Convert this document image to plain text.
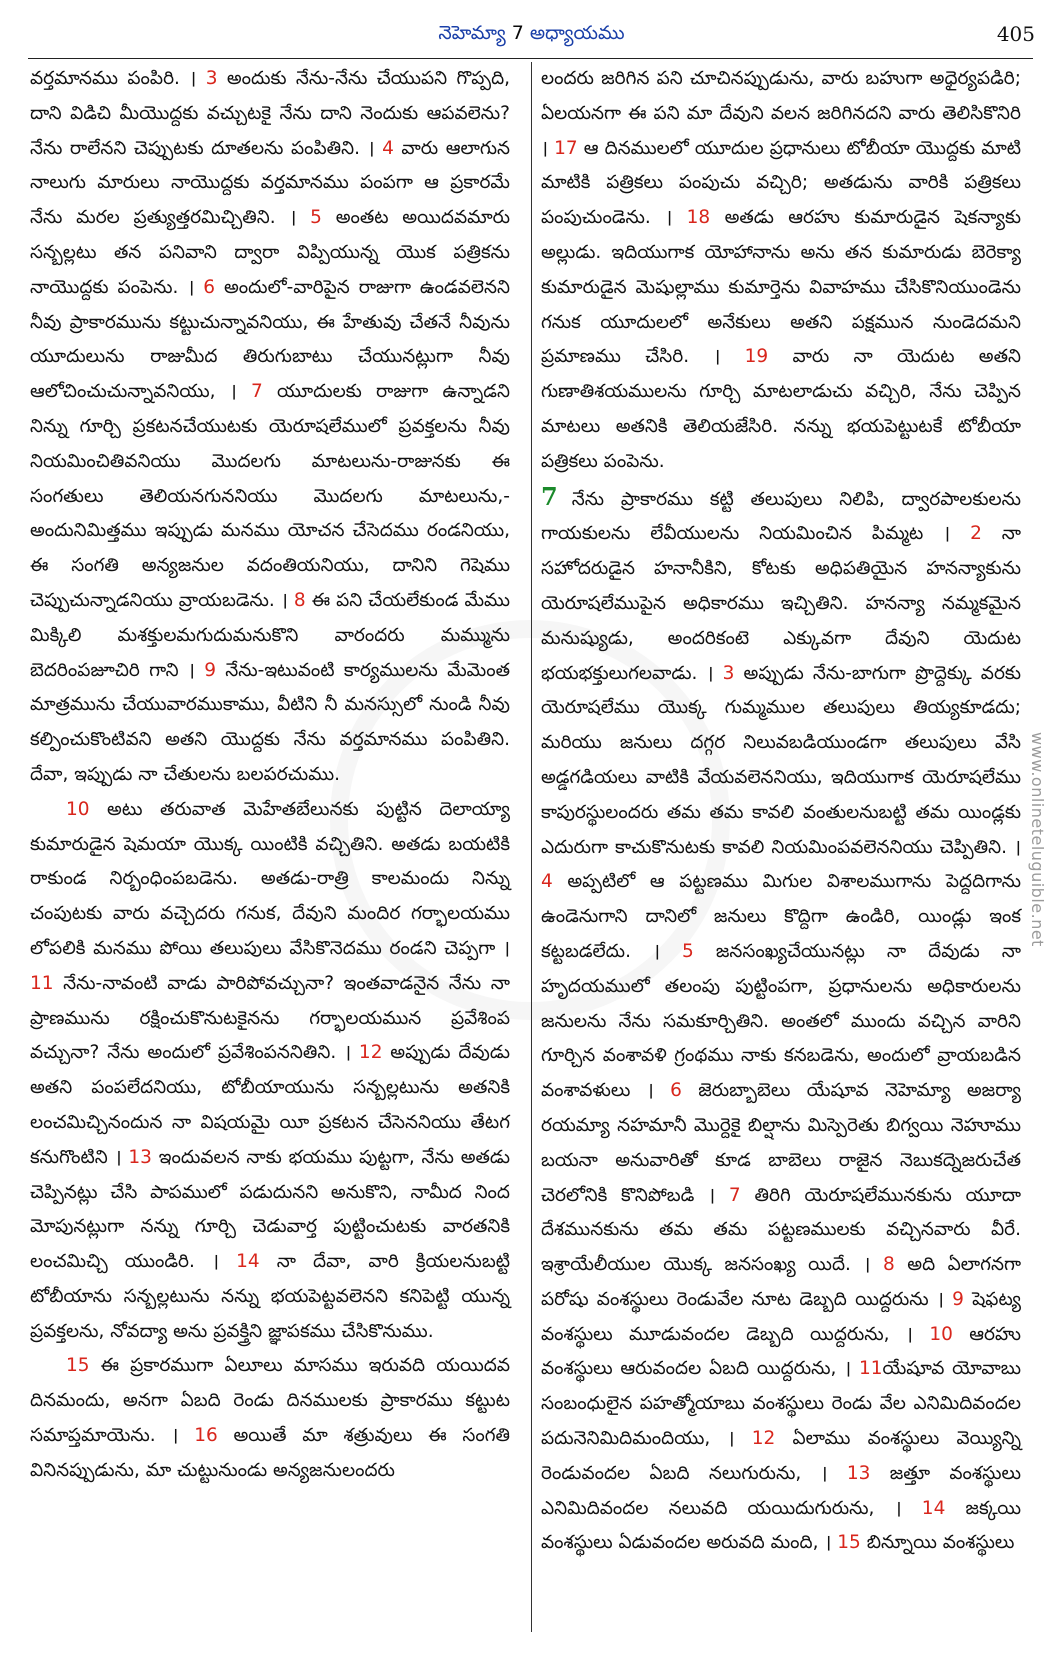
నెహెమ్యా 7 అధ్యాయము	405
www.onlineteluguible.net

వర్తమానము పంపిరి. । 3 అందుకు నేను-నేను చేయుపని గొప్పది, దాని విడిచి మీయొద్దకు వచ్చుటకై నేను దాని నెందుకు ఆపవలెను? నేను రాలేనని చెప్పుటకు దూతలను పంపితిని. । 4 వారు ఆలాగున నాలుగు మారులు నాయొద్దకు వర్తమానము పంపగా ఆ ప్రకారమే నేను మరల ప్రత్యుత్తరమిచ్చితిని. । 5 అంతట అయిదవమారు సన్బల్లటు తన పనివాని ద్వారా విప్పియున్న యొక పత్రికను నాయొద్దకు పంపెను. । 6 అందులో-వారిపైన రాజుగా ఉండవలెనని నీవు ప్రాకారమును కట్టుచున్నావనియు, ఈ హేతువు చేతనే నీవును యూదులును రాజుమీద తిరుగుబాటు చేయునట్లుగా నీవు ఆలోచించుచున్నావనియు, । 7 యూదులకు రాజుగా ఉన్నాడని నిన్ను గూర్చి ప్రకటనచేయుటకు యెరూషలేములో ప్రవక్తలను నీవు నియమించితివనియు మొదలగు మాటలును-రాజునకు ఈ సంగతులు తెలియనగుననియు మొదలగు మాటలును,-అందునిమిత్తము ఇప్పుడు మనము యోచన చేసెదము రండనియు, ఈ సంగతి అన్యజనుల వదంతియనియు, దానిని గెషెము చెప్పుచున్నాడనియు వ్రాయబడెను. । 8 ఈ పని చేయలేకుండ మేము మిక్కిలి మశక్తులమగుదుమనుకొని వారందరు మమ్మును బెదరింపజూచిరి గాని । 9 నేను-ఇటువంటి కార్యములను మేమెంత మాత్రమును చేయువారముకాము, వీటిని నీ మనస్సులో నుండి నీవు కల్పించుకొంటివని అతని యొద్దకు నేను వర్తమానము పంపితిని. దేవా, ఇప్పుడు నా చేతులను బలపరచుము.

10 అటు తరువాత మెహేతబేలునకు పుట్టిన దెలాయ్యా కుమారుడైన షెమయా యొక్క యింటికి వచ్చితిని. అతడు బయటికి రాకుండ నిర్బంధింపబడెను. అతడు-రాత్రి కాలమందు నిన్ను చంపుటకు వారు వచ్చెదరు గనుక, దేవుని మందిర గర్భాలయము లోపలికి మనము పోయి తలుపులు వేసికొనెదము రండని చెప్పగా । 11 నేను-నావంటి వాడు పారిపోవచ్చునా? ఇంతవాడనైన నేను నా ప్రాణమును రక్షించుకొనుటకైనను గర్భాలయమున ప్రవేశింప వచ్చునా? నేను అందులో ప్రవేశింపననితిని. । 12 అప్పుడు దేవుడు అతని పంపలేదనియు, టోబీయాయును సన్బల్లటును అతనికి లంచమిచ్చినందున నా విషయమై యీ ప్రకటన చేసెననియు తేటగ కనుగొంటిని । 13 ఇందువలన నాకు భయము పుట్టగా, నేను అతడు చెప్పినట్లు చేసి పాపములో పడుదునని అనుకొని, నామీద నింద మోపునట్లుగా నన్ను గూర్చి చెడువార్త పుట్టించుటకు వారతనికి లంచమిచ్చి యుండిరి. । 14 నా దేవా, వారి క్రియలనుబట్టి టోబీయాను సన్బల్లటును నన్ను భయపెట్టవలెనని కనిపెట్టి యున్న ప్రవక్తలను, నోవద్యా అను ప్రవక్త్రిని జ్ఞాపకము చేసికొనుము.

15 ఈ ప్రకారముగా ఏలూలు మాసము ఇరువది యయిదవ దినమందు, అనగా ఏబది రెండు దినములకు ప్రాకారము కట్టుట సమాప్తమాయెను. । 16 అయితే మా శత్రువులు ఈ సంగతి వినినప్పుడును, మా చుట్టునుండు అన్యజనులందరు

లందరు జరిగిన పని చూచినప్పుడును, వారు బహుగా అధైర్యపడిరి; ఏలయనగా ఈ పని మా దేవుని వలన జరిగినదని వారు తెలిసికొనిరి । 17 ఆ దినములలో యూదుల ప్రధానులు టోబీయా యొద్దకు మాటి మాటికి పత్రికలు పంపుచు వచ్చిరి; అతడును వారికి పత్రికలు పంపుచుండెను. । 18 అతడు ఆరహు కుమారుడైన షెకన్యాకు అల్లుడు. ఇదియుగాక యోహానాను అను తన కుమారుడు బెరెక్యా కుమారుడైన మెషుల్లాము కుమార్తెను వివాహము చేసికొనియుండెను గనుక యూదులలో అనేకులు అతని పక్షమున నుండెదమని ప్రమాణము చేసిరి. । 19 వారు నా యెదుట అతని గుణాతిశయములను గూర్చి మాటలాడుచు వచ్చిరి, నేను చెప్పిన మాటలు అతనికి తెలియజేసిరి. నన్ను భయపెట్టుటకే టోబీయా పత్రికలు పంపెను.

7 నేను ప్రాకారము కట్టి తలుపులు నిలిపి, ద్వారపాలకులను గాయకులను లేవీయులను నియమించిన పిమ్మట । 2 నా సహోదరుడైన హనానీకిని, కోటకు అధిపతియైన హనన్యాకును యెరూషలేముపైన అధికారము ఇచ్చితిని. హనన్యా నమ్మకమైన మనుష్యుడు, అందరికంటె ఎక్కువగా దేవుని యెదుట భయభక్తులుగలవాడు. । 3 అప్పుడు నేను-బాగుగా ప్రొద్దెక్కు వరకు యెరూషలేము యొక్క గుమ్మముల తలుపులు తియ్యకూడదు; మరియు జనులు దగ్గర నిలువబడియుండగా తలుపులు వేసి అడ్డగడియలు వాటికి వేయవలెననియు, ఇదియుగాక యెరూషలేము కాపురస్థులందరు తమ తమ కావలి వంతులనుబట్టి తమ యిండ్లకు ఎదురుగా కాచుకొనుటకు కావలి నియమింపవలెననియు చెప్పితిని. । 4 అప్పటిలో ఆ పట్టణము మిగుల విశాలముగాను పెద్దదిగాను ఉండెనుగాని దానిలో జనులు కొద్దిగా ఉండిరి, యిండ్లు ఇంక కట్టబడలేదు. । 5 జనసంఖ్యచేయునట్లు నా దేవుడు నా హృదయములో తలంపు పుట్టింపగా, ప్రధానులను అధికారులను జనులను నేను సమకూర్చితిని. అంతలో ముందు వచ్చిన వారిని గూర్చిన వంశావళి గ్రంథము నాకు కనబడెను, అందులో వ్రాయబడిన వంశావళులు । 6 జెరుబ్బాబెలు యేషూవ నెహెమ్యా అజర్యా రయమ్యా నహమానీ మొర్దెకై బిల్షాను మిస్పెరెతు బిగ్వయి నెహూము బయనా అనువారితో కూడ బాబెలు రాజైన నెబుకద్నెజరుచేత చెరలోనికి కొనిపోబడి । 7 తిరిగి యెరూషలేమునకును యూదా దేశమునకును తమ తమ పట్టణములకు వచ్చినవారు వీరే. ఇశ్రాయేలీయుల యొక్క జనసంఖ్య యిదే. । 8 అది ఏలాగనగా పరోషు వంశస్థులు రెండువేల నూట డెబ్బది యిద్దరును । 9 షెఫట్య వంశస్థులు మూడువందల డెబ్బది యిద్దరును, । 10 ఆరహు వంశస్థులు ఆరువందల ఏబది యిద్దరును, । 11యేషూవ యోవాబు సంబంధులైన పహత్మోయాబు వంశస్థులు రెండు వేల ఎనిమిదివందల పదునెనిమిదిమందియు, । 12 ఏలాము వంశస్థులు వెయ్యిన్ని రెండువందల ఏబది నలుగురును, । 13 జత్తూ వంశస్థులు ఎనిమిదివందల నలువది యయిదుగురును, । 14 జక్కయి వంశస్థులు ఏడువందల అరువది మంది, । 15 బిన్నూయి వంశస్థులు
